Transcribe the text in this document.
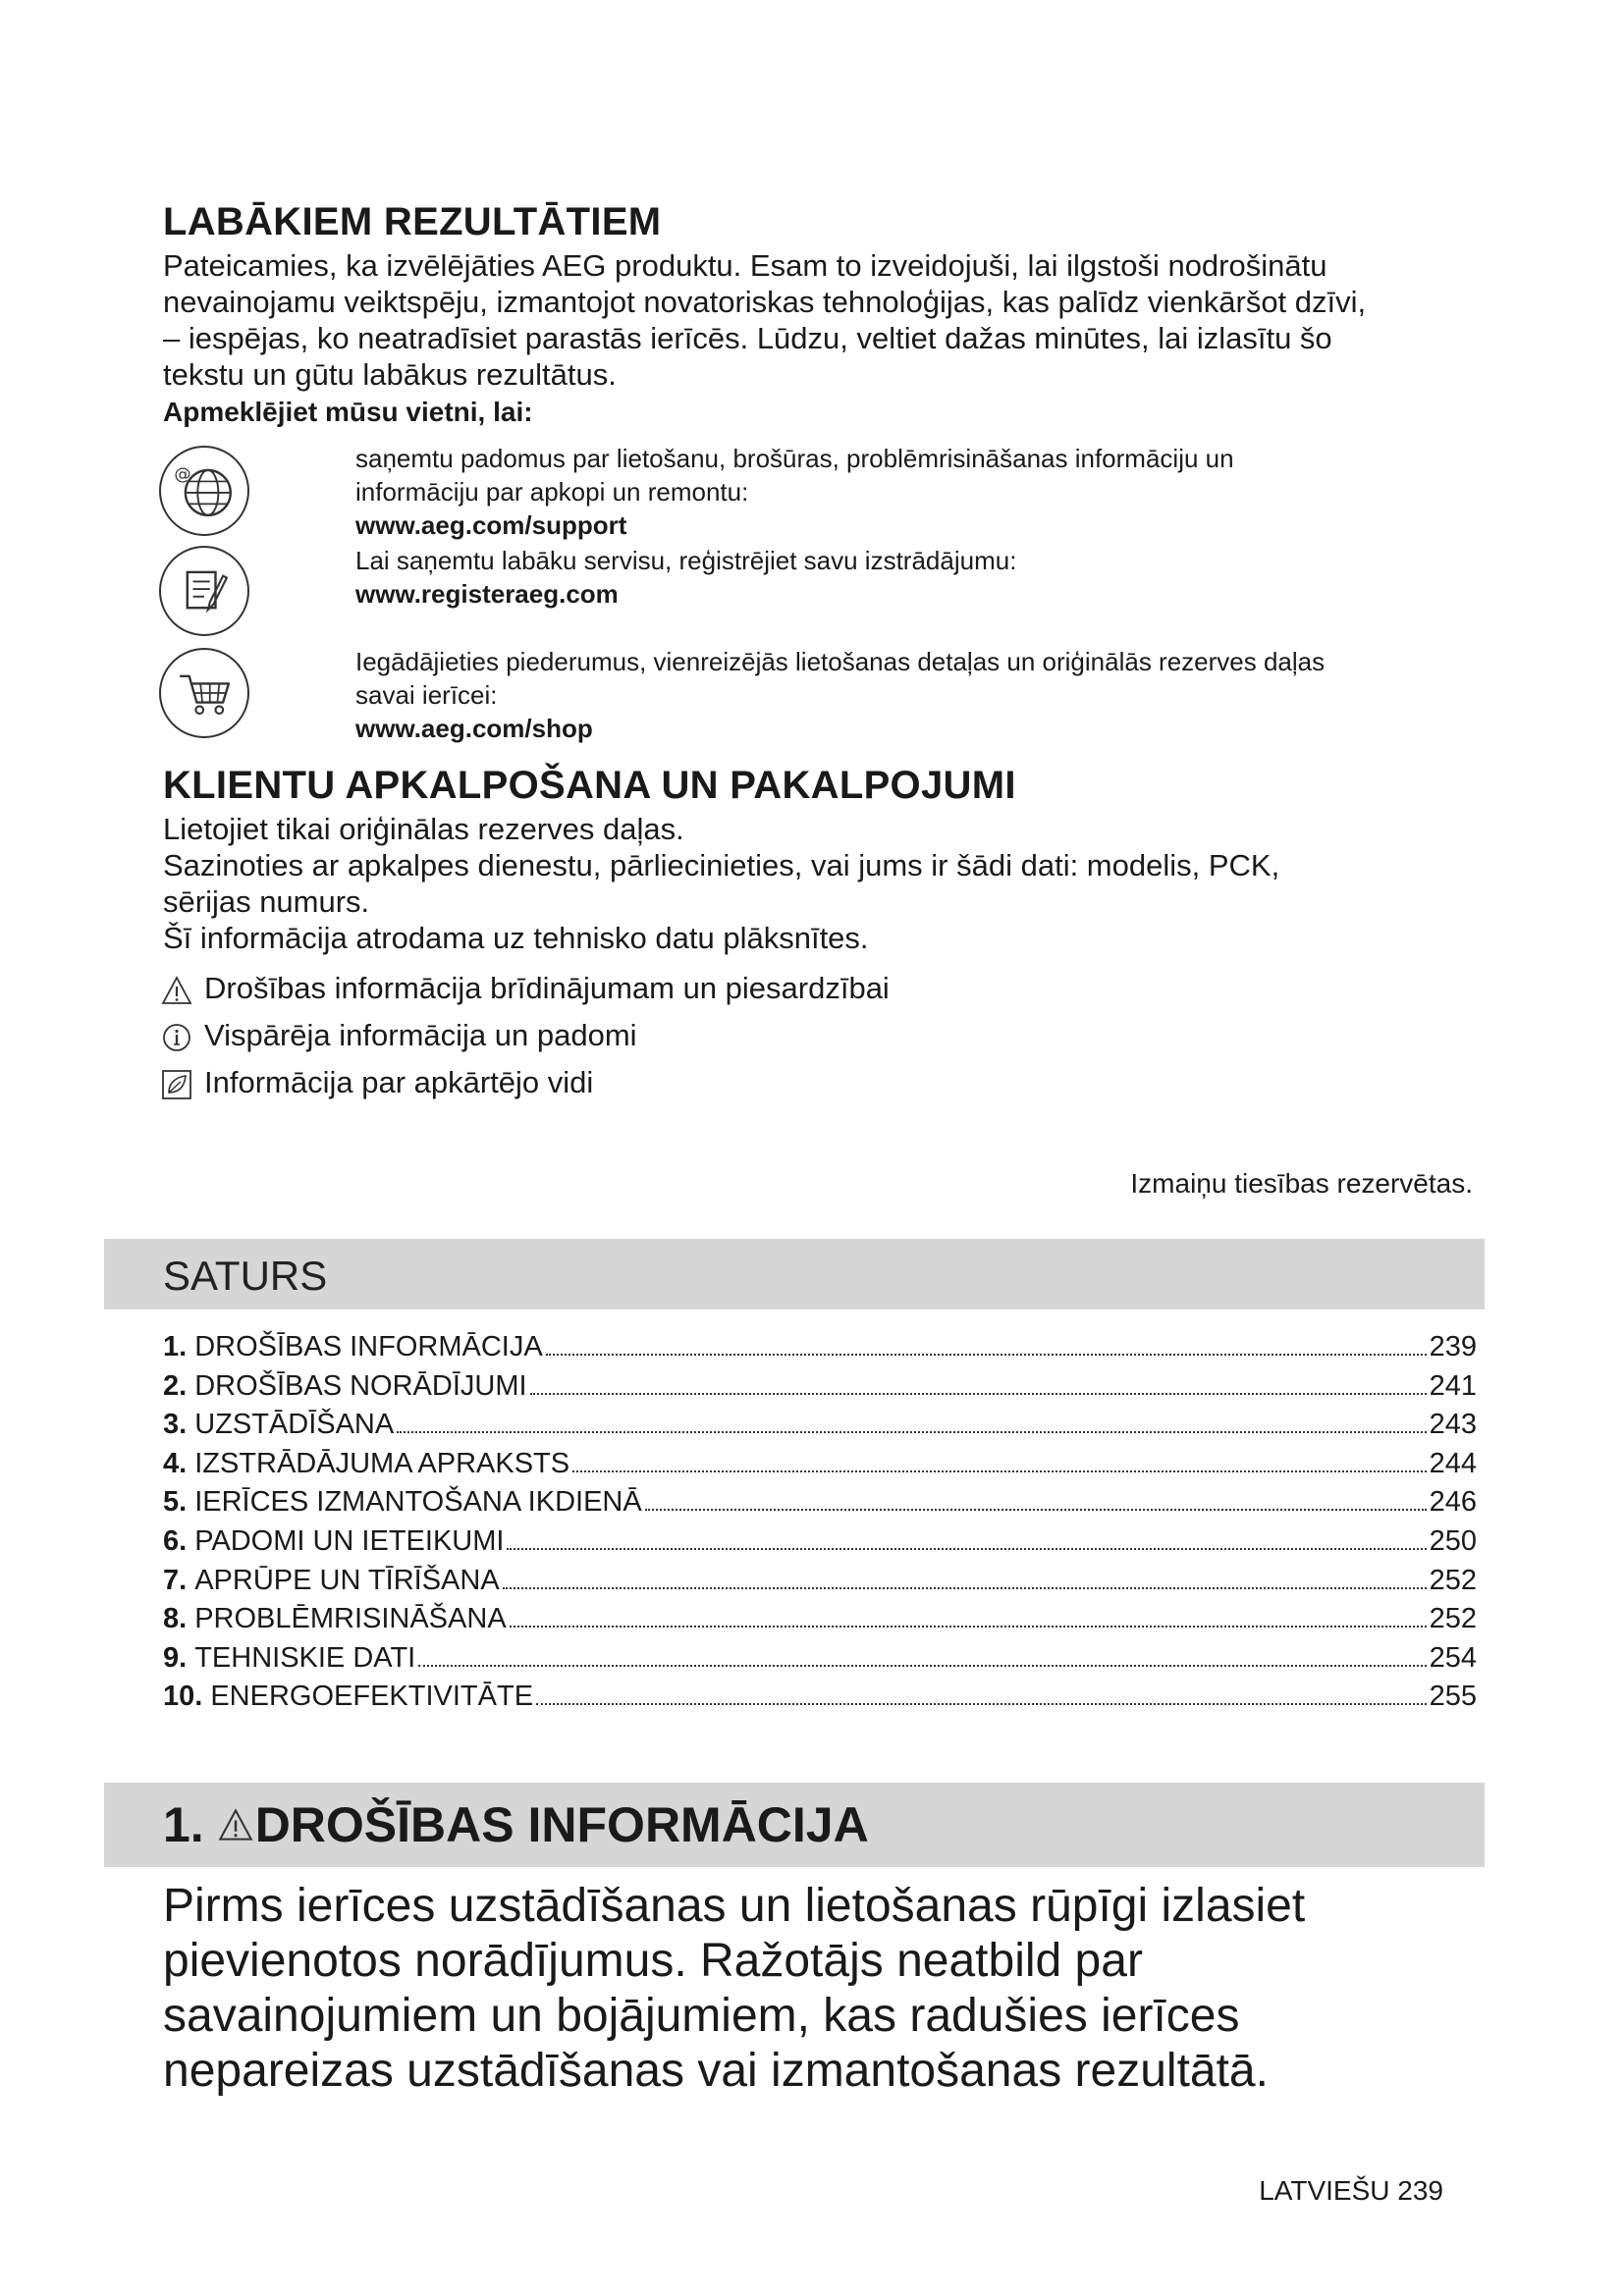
LABĀKIEM REZULTĀTIEM
Pateicamies, ka izvēlējāties AEG produktu. Esam to izveidojuši, lai ilgstoši nodrošinātu
nevainojamu veiktspēju, izmantojot novatoriskas tehnoloģijas, kas palīdz vienkāršot dzīvi,
– iespējas, ko neatradīsiet parastās ierīcēs. Lūdzu, veltiet dažas minūtes, lai izlasītu šo
tekstu un gūtu labākus rezultātus.
Apmeklējiet mūsu vietni, lai:
@
saņemtu padomus par lietošanu, brošūras, problēmrisināšanas informāciju un
informāciju par apkopi un remontu:
www.aeg.com/support
Lai saņemtu labāku servisu, reģistrējiet savu izstrādājumu:
www.registeraeg.com
Iegādājieties piederumus, vienreizējās lietošanas detaļas un oriģinālās rezerves daļas
savai ierīcei:
www.aeg.com/shop
KLIENTU APKALPOŠANA UN PAKALPOJUMI
Lietojiet tikai oriģinālas rezerves daļas.
Sazinoties ar apkalpes dienestu, pārliecinieties, vai jums ir šādi dati: modelis, PCK,
sērijas numurs.
Šī informācija atrodama uz tehnisko datu plāksnītes.
Drošības informācija brīdinājumam un piesardzībai
Vispārēja informācija un padomi
Informācija par apkārtējo vidi
Izmaiņu tiesības rezervētas.
SATURS
1. DROŠĪBAS INFORMĀCIJA	239
2. DROŠĪBAS NORĀDĪJUMI	241
3. UZSTĀDĪŠANA	243
4. IZSTRĀDĀJUMA APRAKSTS	244
5. IERĪCES IZMANTOŠANA IKDIENĀ	246
6. PADOMI UN IETEIKUMI	250
7. APRŪPE UN TĪRĪŠANA	252
8. PROBLĒMRISINĀŠANA	252
9. TEHNISKIE DATI	254
10. ENERGOEFEKTIVITĀTE	255
1. DROŠĪBAS INFORMĀCIJA
Pirms ierīces uzstādīšanas un lietošanas rūpīgi izlasiet
pievienotos norādījumus. Ražotājs neatbild par
savainojumiem un bojājumiem, kas radušies ierīces
nepareizas uzstādīšanas vai izmantošanas rezultātā.
LATVIEŠU 239
